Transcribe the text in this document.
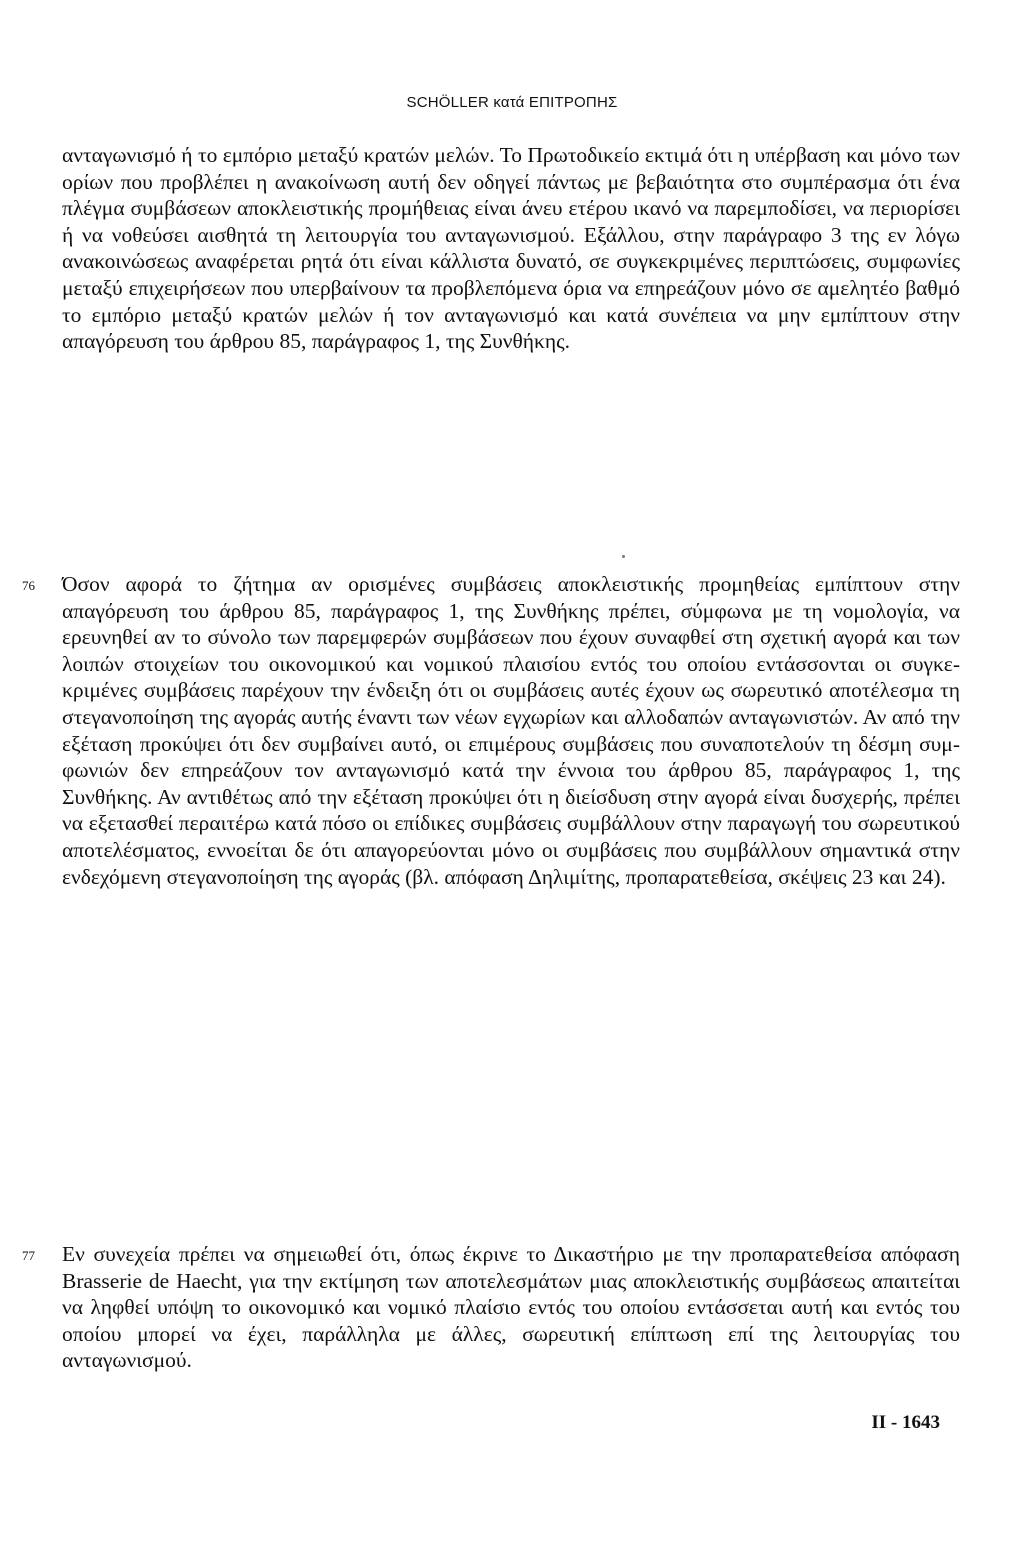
SCHÖLLER κατά ΕΠΙΤΡΟΠΗΣ

ανταγωνισμό ή το εμπόριο μεταξύ κρατών μελών. Το Πρωτοδικείο εκτιμά ότι η υπέρβαση και μόνο των ορίων που προβλέπει η ανακοίνωση αυτή δεν οδηγεί πάντως με βεβαιότητα στο συμπέρασμα ότι ένα πλέγμα συμβάσεων αποκλειστικής προμήθειας είναι άνευ ετέρου ικανό να παρεμποδίσει, να περιορίσει ή να νοθεύσει αισθητά τη λειτουργία του ανταγωνισμού. Εξάλλου, στην παράγραφο 3 της εν λόγω ανακοινώσεως αναφέρεται ρητά ότι είναι κάλλιστα δυνατό, σε συγκεκριμένες περιπτώσεις, συμφωνίες μεταξύ επιχειρήσεων που υπερβαίνουν τα προβλεπόμενα όρια να επηρεάζουν μόνο σε αμελητέο βαθμό το εμπόριο μεταξύ κρατών μελών ή τον ανταγωνισμό και κατά συνέπεια να μην εμπίπτουν στην απαγόρευση του άρθρου 85, παράγραφος 1, της Συνθήκης.

76 Όσον αφορά το ζήτημα αν ορισμένες συμβάσεις αποκλειστικής προμηθείας εμπίπτουν στην απαγόρευση του άρθρου 85, παράγραφος 1, της Συνθήκης πρέπει, σύμφωνα με τη νομολογία, να ερευνηθεί αν το σύνολο των παρεμφερών συμβάσεων που έχουν συναφθεί στη σχετική αγορά και των λοιπών στοιχείων του οικονομικού και νομικού πλαισίου εντός του οποίου εντάσσονται οι συγκεκριμένες συμβάσεις παρέχουν την ένδειξη ότι οι συμβάσεις αυτές έχουν ως σωρευτικό αποτέλεσμα τη στεγανοποίηση της αγοράς αυτής έναντι των νέων εγχωρίων και αλλοδαπών ανταγωνιστών. Αν από την εξέταση προκύψει ότι δεν συμβαίνει αυτό, οι επιμέρους συμβάσεις που συναποτελούν τη δέσμη συμφωνιών δεν επηρεάζουν τον ανταγωνισμό κατά την έννοια του άρθρου 85, παράγραφος 1, της Συνθήκης. Αν αντιθέτως από την εξέταση προκύψει ότι η διείσδυση στην αγορά είναι δυσχερής, πρέπει να εξετασθεί περαιτέρω κατά πόσο οι επίδικες συμβάσεις συμβάλλουν στην παραγωγή του σωρευτικού αποτελέσματος, εννοείται δε ότι απαγορεύονται μόνο οι συμβάσεις που συμβάλλουν σημαντικά στην ενδεχόμενη στεγανοποίηση της αγοράς (βλ. απόφαση Δηλιμίτης, προπαρατεθείσα, σκέψεις 23 και 24).

77 Εν συνεχεία πρέπει να σημειωθεί ότι, όπως έκρινε το Δικαστήριο με την προπαρατεθείσα απόφαση Brasserie de Haecht, για την εκτίμηση των αποτελεσμάτων μιας αποκλειστικής συμβάσεως απαιτείται να ληφθεί υπόψη το οικονομικό και νομικό πλαίσιο εντός του οποίου εντάσσεται αυτή και εντός του οποίου μπορεί να έχει, παράλληλα με άλλες, σωρευτική επίπτωση επί της λειτουργίας του ανταγωνισμού.

II - 1643
